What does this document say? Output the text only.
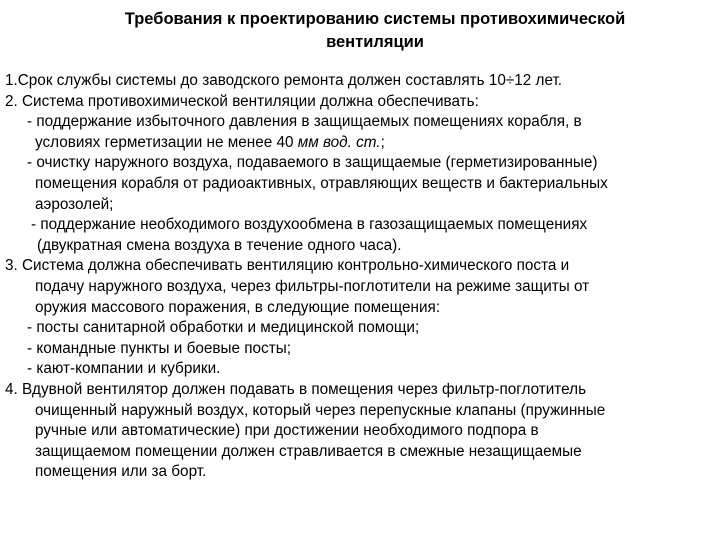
Требования к проектированию системы противохимической
вентиляции
1.Срок службы системы до заводского ремонта должен составлять 10÷12 лет.
2. Система противохимической вентиляции должна обеспечивать:
- поддержание избыточного давления в защищаемых помещениях корабля, в
условиях герметизации не менее 40 мм вод. ст.;
- очистку наружного воздуха, подаваемого в защищаемые (герметизированные)
помещения корабля от радиоактивных, отравляющих веществ и бактериальных
аэрозолей;
- поддержание необходимого воздухообмена в газозащищаемых помещениях
(двукратная смена воздуха в течение одного часа).
3. Система должна обеспечивать вентиляцию контрольно-химического поста и
подачу наружного воздуха, через фильтры-поглотители на режиме защиты от
оружия массового поражения, в следующие помещения:
- посты санитарной обработки и медицинской помощи;
- командные пункты и боевые посты;
- кают-компании и кубрики.
4. Вдувной вентилятор должен подавать в помещения через фильтр-поглотитель
очищенный наружный воздух, который через перепускные клапаны (пружинные
ручные или автоматические) при достижении необходимого подпора в
защищаемом помещении должен стравливается в смежные незащищаемые
помещения или за борт.
